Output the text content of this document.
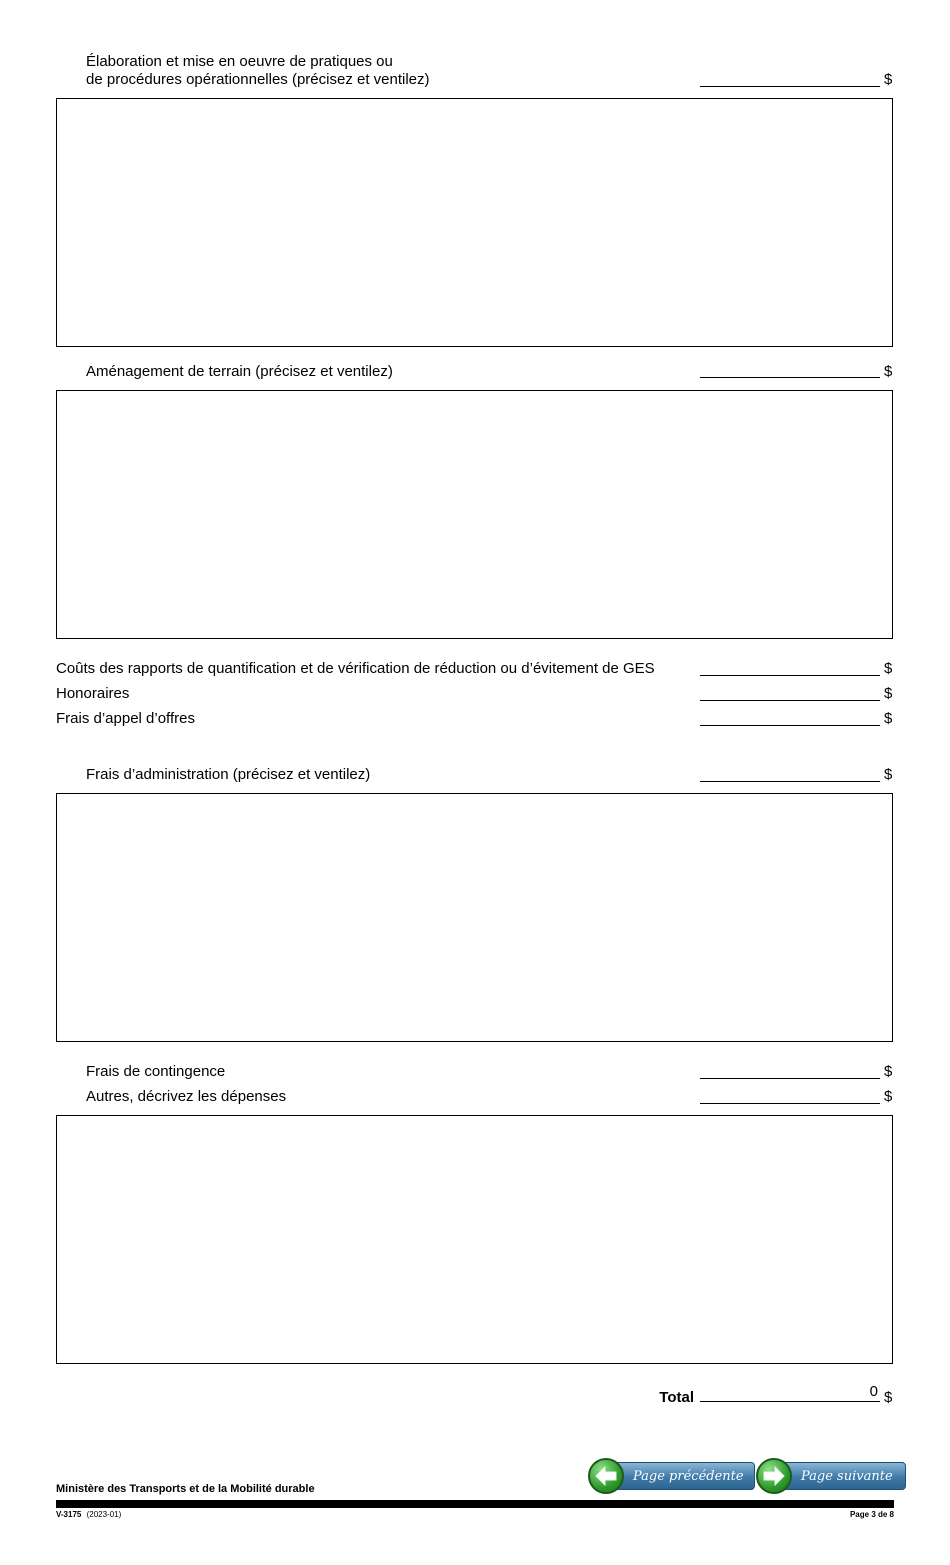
Élaboration et mise en oeuvre de pratiques ou
de procédures opérationnelles (précisez et ventilez)	$
Aménagement de terrain (précisez et ventilez)	$
Coûts des rapports de quantification et de vérification de réduction ou d’évitement de GES	$
Honoraires	$
Frais d’appel d’offres	$
Frais d’administration (précisez et ventilez)	$
Frais de contingence	$
Autres, décrivez les dépenses	$
Total	0 $
Page précédente	Page suivante
Ministère des Transports et de la Mobilité durable
V-3175 (2023-01)	Page 3 de 8
